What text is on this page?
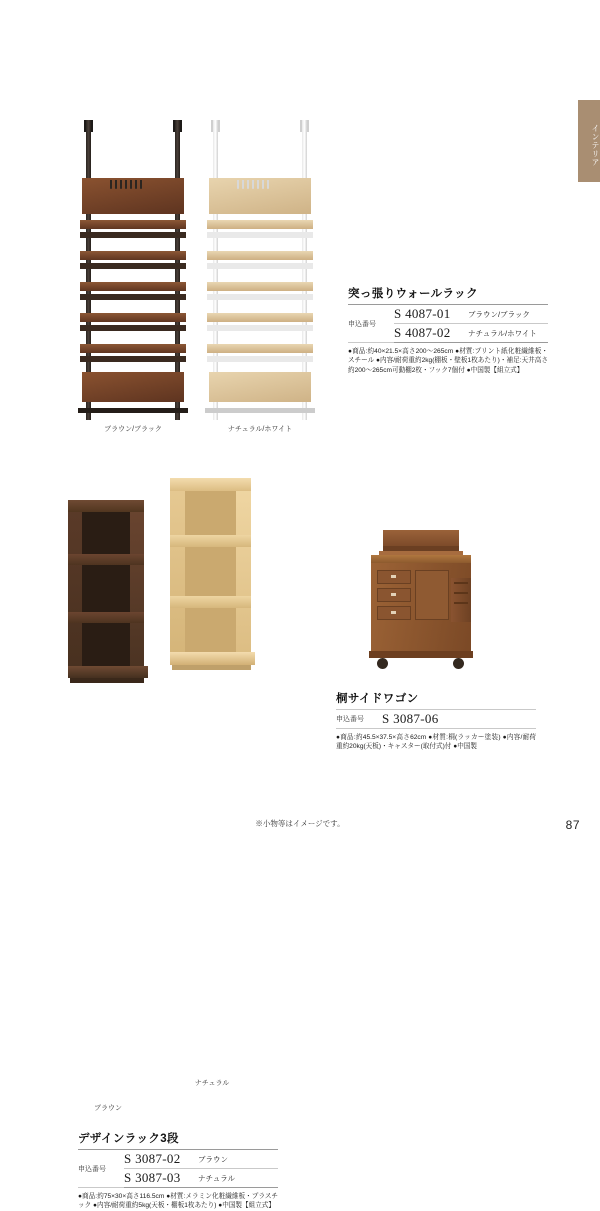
インテリア
ブラウン/ブラック	ナチュラル/ホワイト
突っ張りウォールラック
申込番号	S 4087-01	ブラウン/ブラック
	S 4087-02	ナチュラル/ホワイト
●商品:約40×21.5×高さ200～265cm ●材質:プリント紙化粧繊維板・スチール ●内容/耐荷重約2kg(棚板・壁板1枚あたり)・補足:天井高さ約200～265cm可動棚2枚・フック7個付 ●中国製【組立式】
ブラウン
ナチュラル
デザインラック3段
申込番号	S 3087-02	ブラウン
	S 3087-03	ナチュラル
●商品:約75×30×高さ116.5cm ●材質:メラミン化粧繊維板・プラスチック ●内容/耐荷重約5kg(天板・棚板1枚あたり) ●中国製【組立式】
桐サイドワゴン
申込番号	S 3087-06	
●商品:約45.5×37.5×高さ62cm ●材質:桐(ラッカー塗装) ●内容/耐荷重約20kg(天板)・キャスター(取付式)付 ●中国製
※小物等はイメージです。	87
